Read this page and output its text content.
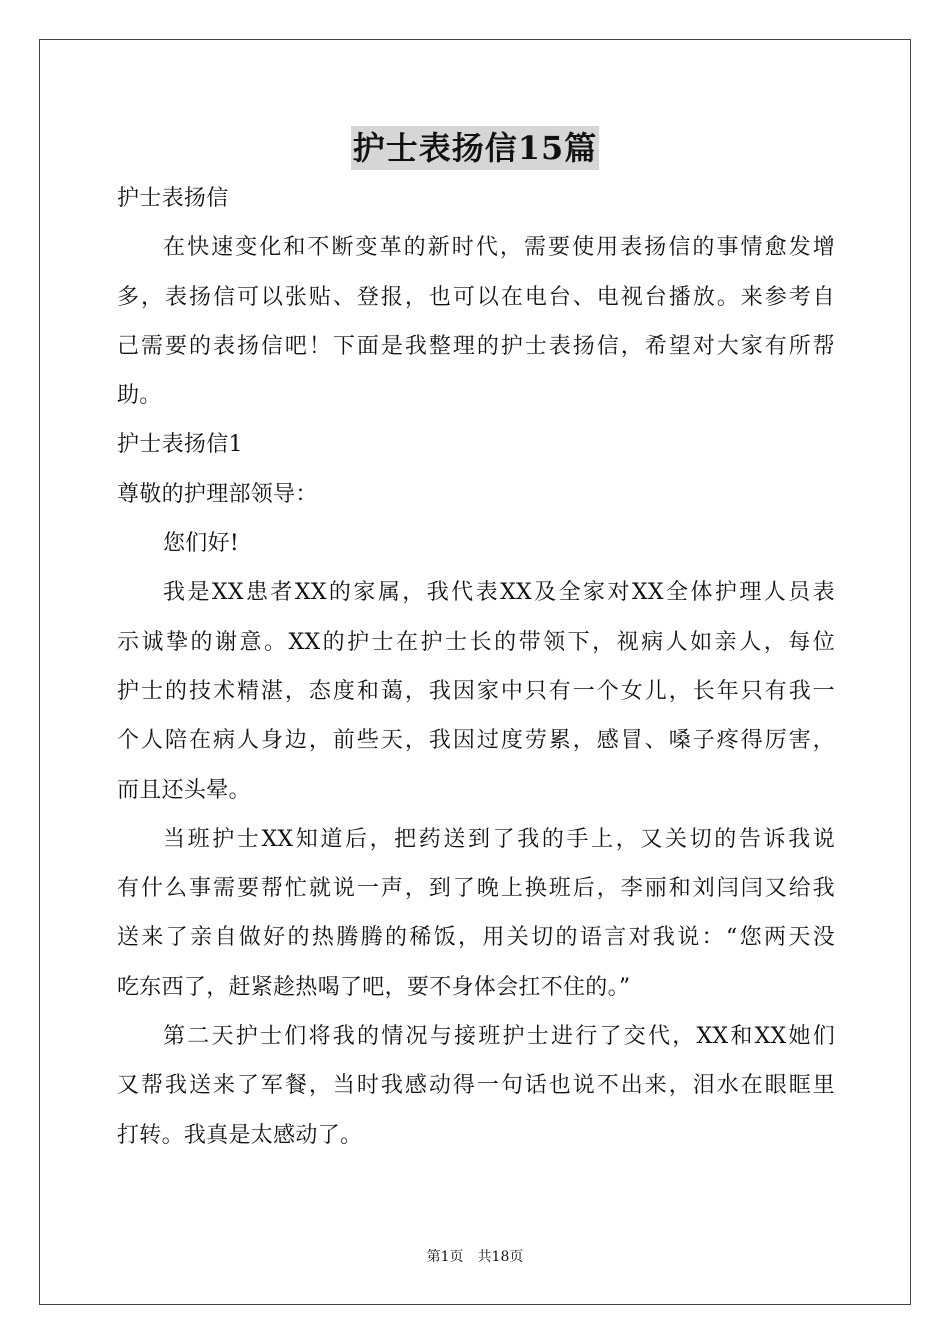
护士表扬信15篇
护士表扬信
在快速变化和不断变革的新时代，需要使用表扬信的事情愈发增
多，表扬信可以张贴、登报，也可以在电台、电视台播放。来参考自
己需要的表扬信吧！下面是我整理的护士表扬信，希望对大家有所帮
助。
护士表扬信1
尊敬的护理部领导：
您们好!
我是XX患者XX的家属，我代表XX及全家对XX全体护理人员表
示诚挚的谢意。XX的护士在护士长的带领下，视病人如亲人，每位
护士的技术精湛，态度和蔼，我因家中只有一个女儿，长年只有我一
个人陪在病人身边，前些天，我因过度劳累，感冒、嗓子疼得厉害，
而且还头晕。
当班护士XX知道后，把药送到了我的手上，又关切的告诉我说
有什么事需要帮忙就说一声，到了晚上换班后，李丽和刘闫闫又给我
送来了亲自做好的热腾腾的稀饭，用关切的语言对我说：“您两天没
吃东西了，赶紧趁热喝了吧，要不身体会扛不住的。”
第二天护士们将我的情况与接班护士进行了交代，XX和XX她们
又帮我送来了军餐，当时我感动得一句话也说不出来，泪水在眼眶里
打转。我真是太感动了。
第1页 共18页
